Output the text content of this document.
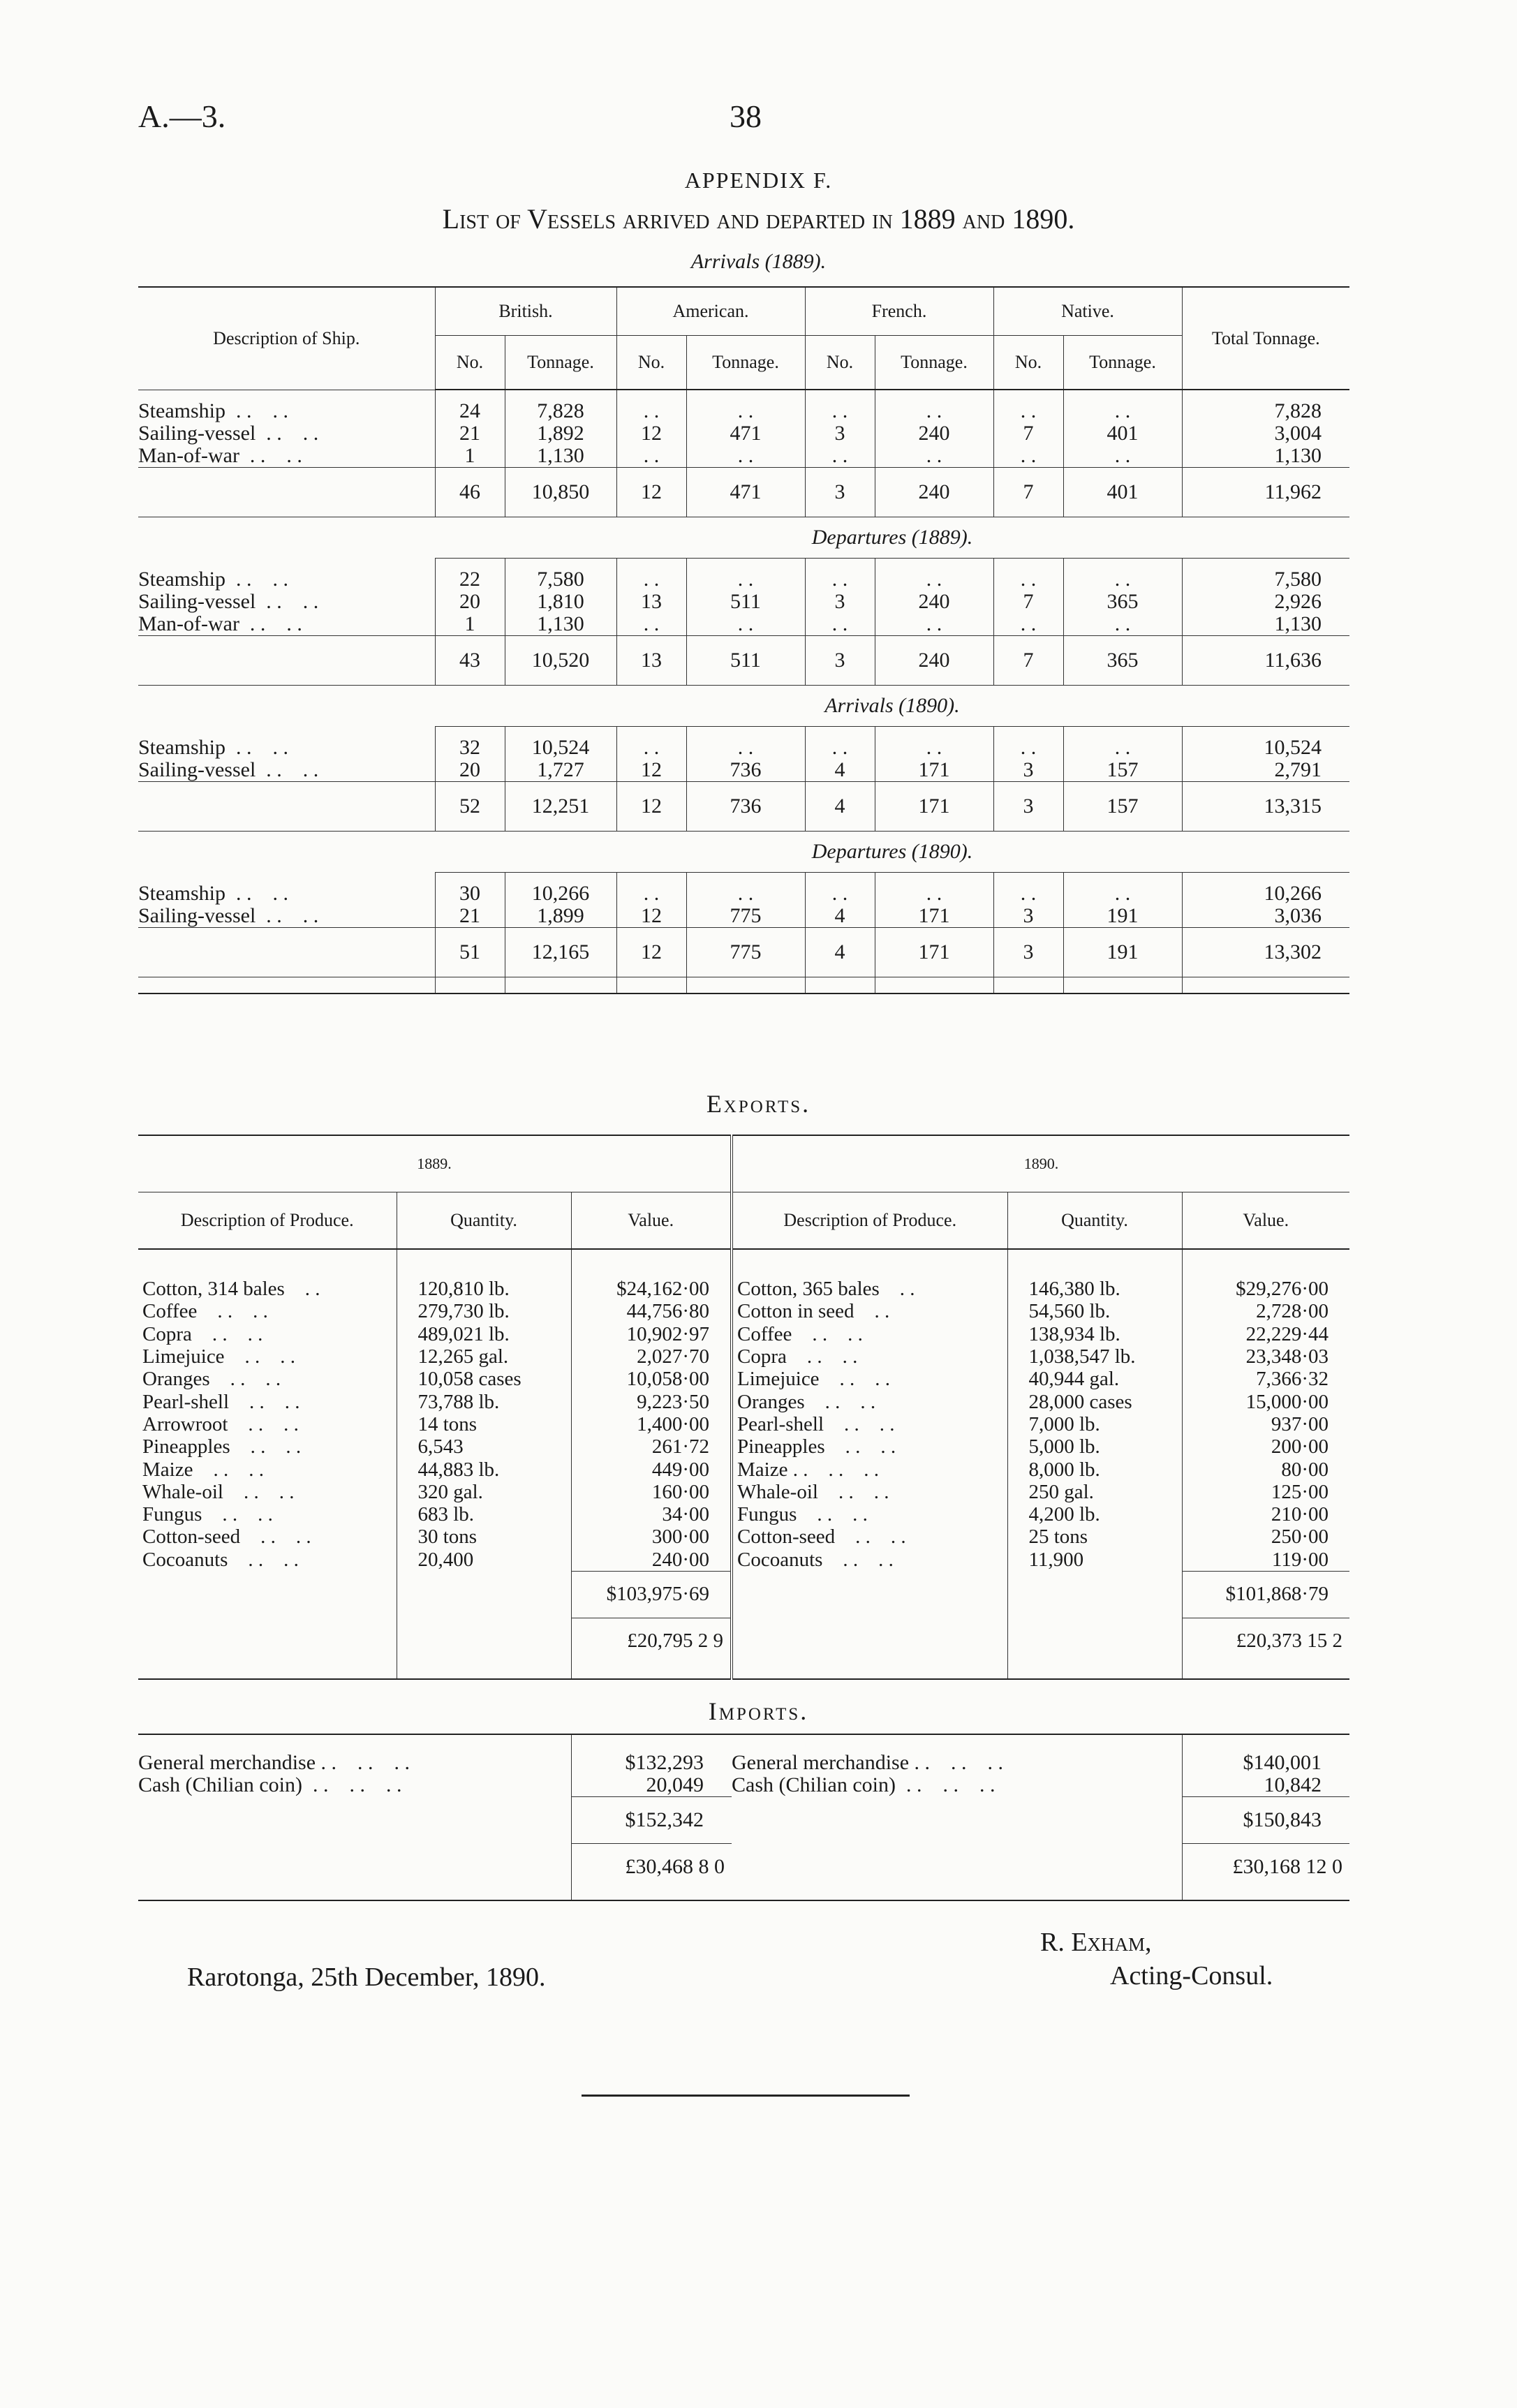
A.—3.	38
APPENDIX F.
List of Vessels arrived and departed in 1889 and 1890.
Arrivals (1889).
Description of Ship.	British.		American.		French.		Native.		Total Tonnage.
	No.	Tonnage.	No.	Tonnage.	No.	Tonnage.	No.	Tonnage.	
Steamship  . .    . .	24	7,828	. .	. .	. .	. .	. .	. .	7,828
Sailing-vessel  . .    . .	21	1,892	12	471	3	240	7	401	3,004
Man-of-war  . .    . .	1	1,130	. .	. .	. .	. .	. .	. .	1,130
	46	10,850	12	471	3	240	7	401	11,962
	Departures (1889).								
Steamship  . .    . .	22	7,580	. .	. .	. .	. .	. .	. .	7,580
Sailing-vessel  . .    . .	20	1,810	13	511	3	240	7	365	2,926
Man-of-war  . .    . .	1	1,130	. .	. .	. .	. .	. .	. .	1,130
	43	10,520	13	511	3	240	7	365	11,636
	Arrivals (1890).								
Steamship  . .    . .	32	10,524	. .	. .	. .	. .	. .	. .	10,524
Sailing-vessel  . .    . .	20	1,727	12	736	4	171	3	157	2,791
	52	12,251	12	736	4	171	3	157	13,315
	Departures (1890).								
Steamship  . .    . .	30	10,266	. .	. .	. .	. .	. .	. .	10,266
Sailing-vessel  . .    . .	21	1,899	12	775	4	171	3	191	3,036
	51	12,165	12	775	4	171	3	191	13,302

Exports.
1889.			1890.		
Description of Produce.	Quantity.	Value.	Description of Produce.	Quantity.	Value.
Cotton, 314 bales    . .	120,810 lb.	$24,162·00	Cotton, 365 bales    . .	146,380 lb.	$29,276·00
Coffee    . .    . .	279,730 lb.	44,756·80	Cotton in seed    . .	54,560 lb.	2,728·00
Copra    . .    . .	489,021 lb.	10,902·97	Coffee    . .    . .	138,934 lb.	22,229·44
Limejuice    . .    . .	12,265 gal.	2,027·70	Copra    . .    . .	1,038,547 lb.	23,348·03
Oranges    . .    . .	10,058 cases	10,058·00	Limejuice    . .    . .	40,944 gal.	7,366·32
Pearl-shell    . .    . .	73,788 lb.	9,223·50	Oranges    . .    . .	28,000 cases	15,000·00
Arrowroot    . .    . .	14 tons	1,400·00	Pearl-shell    . .    . .	7,000 lb.	937·00
Pineapples    . .    . .	6,543	261·72	Pineapples    . .    . .	5,000 lb.	200·00
Maize    . .    . .	44,883 lb.	449·00	Maize . .    . .    . .	8,000 lb.	80·00
Whale-oil    . .    . .	320 gal.	160·00	Whale-oil    . .    . .	250 gal.	125·00
Fungus    . .    . .	683 lb.	34·00	Fungus    . .    . .	4,200 lb.	210·00
Cotton-seed    . .    . .	30 tons	300·00	Cotton-seed    . .    . .	25 tons	250·00
Cocoanuts    . .    . .	20,400	240·00	Cocoanuts    . .    . .	11,900	119·00
		$103,975·69			$101,868·79
		£20,795 2 9			£20,373 15 2

Imports.

General merchandise . .    . .    . .	$132,293	General merchandise . .    . .    . .	$140,001
Cash (Chilian coin)  . .    . .    . .	20,049	Cash (Chilian coin)  . .    . .    . .	10,842
	$152,342		$150,843
	£30,468 8 0		£30,168 12 0

Rarotonga, 25th December, 1890.
R. Exham,
Acting-Consul.
